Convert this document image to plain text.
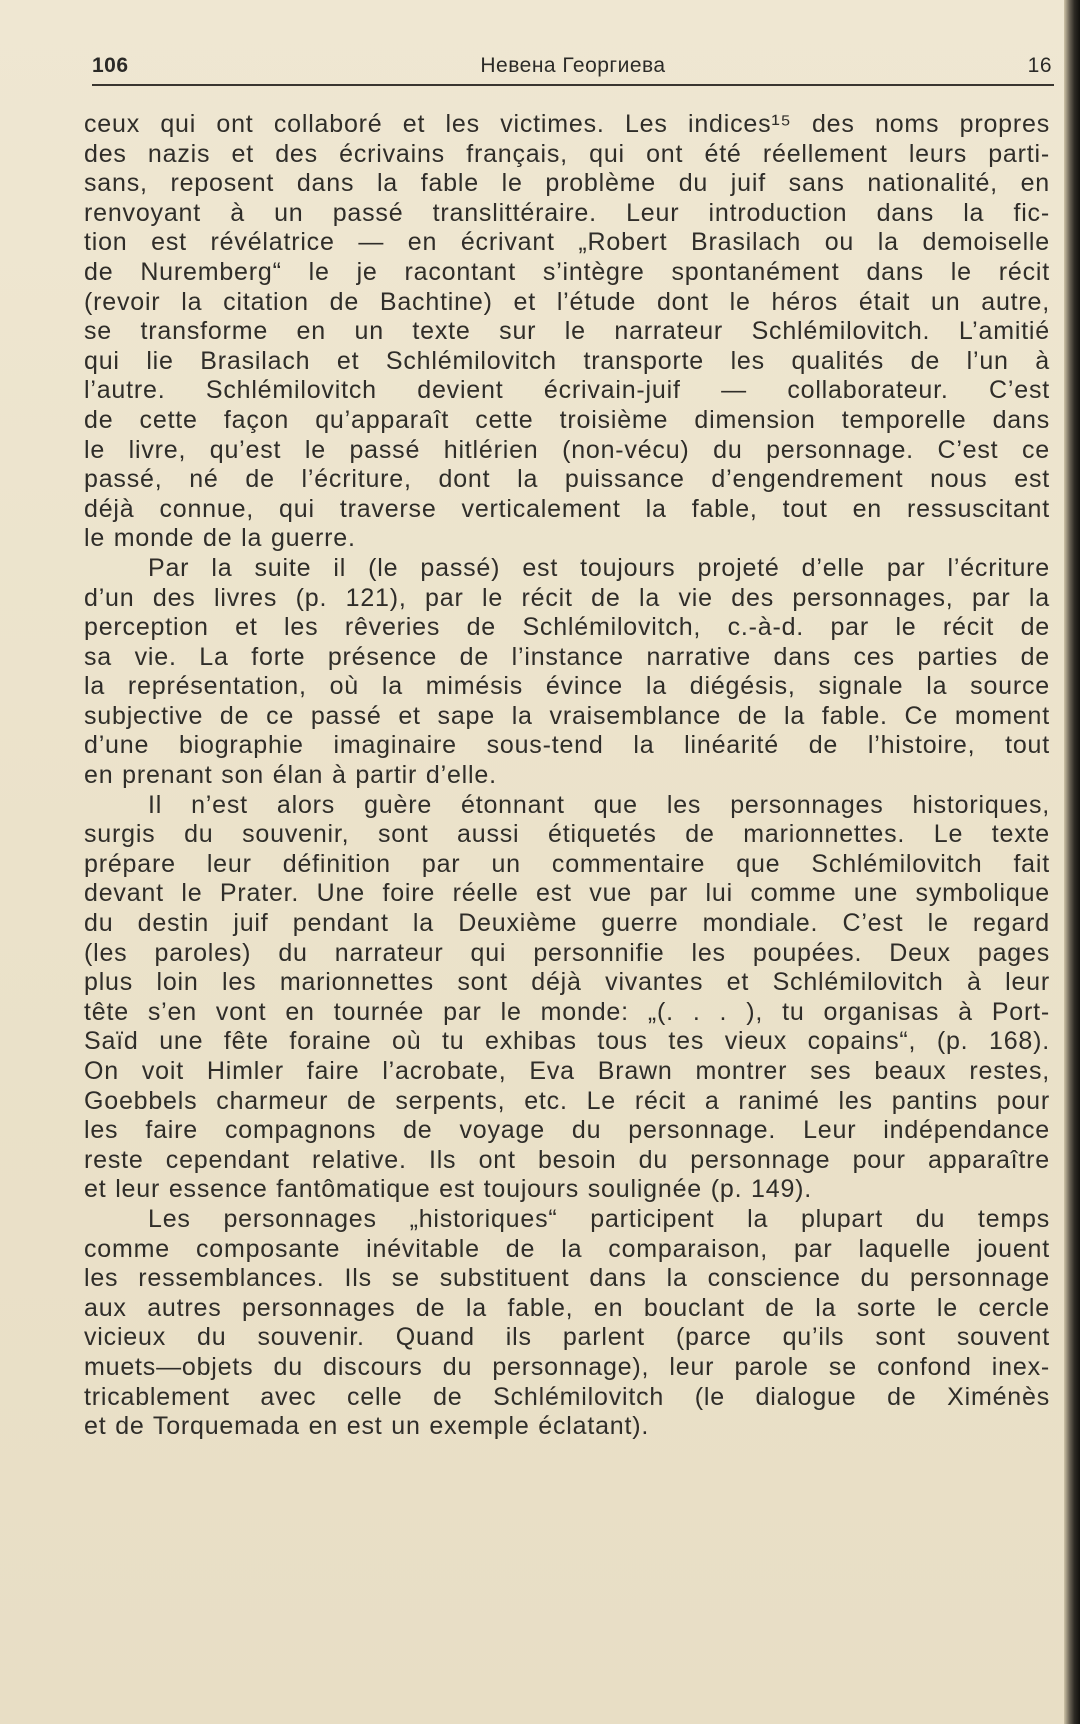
106	Невена Георгиева	16

ceux qui ont collaboré et les victimes. Les indices¹⁵ des noms propres
des nazis et des écrivains français, qui ont été réellement leurs parti-
sans, reposent dans la fable le problème du juif sans nationalité, en
renvoyant à un passé translittéraire. Leur introduction dans la fic-
tion est révélatrice — en écrivant „Robert Brasilach ou la demoiselle
de Nuremberg“ le je racontant s’intègre spontanément dans le récit
(revoir la citation de Bachtine) et l’étude dont le héros était un autre,
se transforme en un texte sur le narrateur Schlémilovitch. L’amitié
qui lie Brasilach et Schlémilovitch transporte les qualités de l’un à
l’autre. Schlémilovitch devient écrivain-juif — collaborateur. C’est
de cette façon qu’apparaît cette troisième dimension temporelle dans
le livre, qu’est le passé hitlérien (non-vécu) du personnage. C’est ce
passé, né de l’écriture, dont la puissance d’engendrement nous est
déjà connue, qui traverse verticalement la fable, tout en ressuscitant
le monde de la guerre.

Par la suite il (le passé) est toujours projeté d’elle par l’écriture
d’un des livres (p. 121), par le récit de la vie des personnages, par la
perception et les rêveries de Schlémilovitch, c.-à-d. par le récit de
sa vie. La forte présence de l’instance narrative dans ces parties de
la représentation, où la mimésis évince la diégésis, signale la source
subjective de ce passé et sape la vraisemblance de la fable. Ce moment
d’une biographie imaginaire sous-tend la linéarité de l’histoire, tout
en prenant son élan à partir d’elle.

Il n’est alors guère étonnant que les personnages historiques,
surgis du souvenir, sont aussi étiquetés de marionnettes. Le texte
prépare leur définition par un commentaire que Schlémilovitch fait
devant le Prater. Une foire réelle est vue par lui comme une symbolique
du destin juif pendant la Deuxième guerre mondiale. C’est le regard
(les paroles) du narrateur qui personnifie les poupées. Deux pages
plus loin les marionnettes sont déjà vivantes et Schlémilovitch à leur
tête s’en vont en tournée par le monde: „(. . . ), tu organisas à Port-
Saïd une fête foraine où tu exhibas tous tes vieux copains“, (p. 168).
On voit Himler faire l’acrobate, Eva Brawn montrer ses beaux restes,
Goebbels charmeur de serpents, etc. Le récit a ranimé les pantins pour
les faire compagnons de voyage du personnage. Leur indépendance
reste cependant relative. Ils ont besoin du personnage pour apparaître
et leur essence fantômatique est toujours soulignée (p. 149).

Les personnages „historiques“ participent la plupart du temps
comme composante inévitable de la comparaison, par laquelle jouent
les ressemblances. Ils se substituent dans la conscience du personnage
aux autres personnages de la fable, en bouclant de la sorte le cercle
vicieux du souvenir. Quand ils parlent (parce qu’ils sont souvent
muets—objets du discours du personnage), leur parole se confond inex-
tricablement avec celle de Schlémilovitch (le dialogue de Ximénès
et de Torquemada en est un exemple éclatant).
